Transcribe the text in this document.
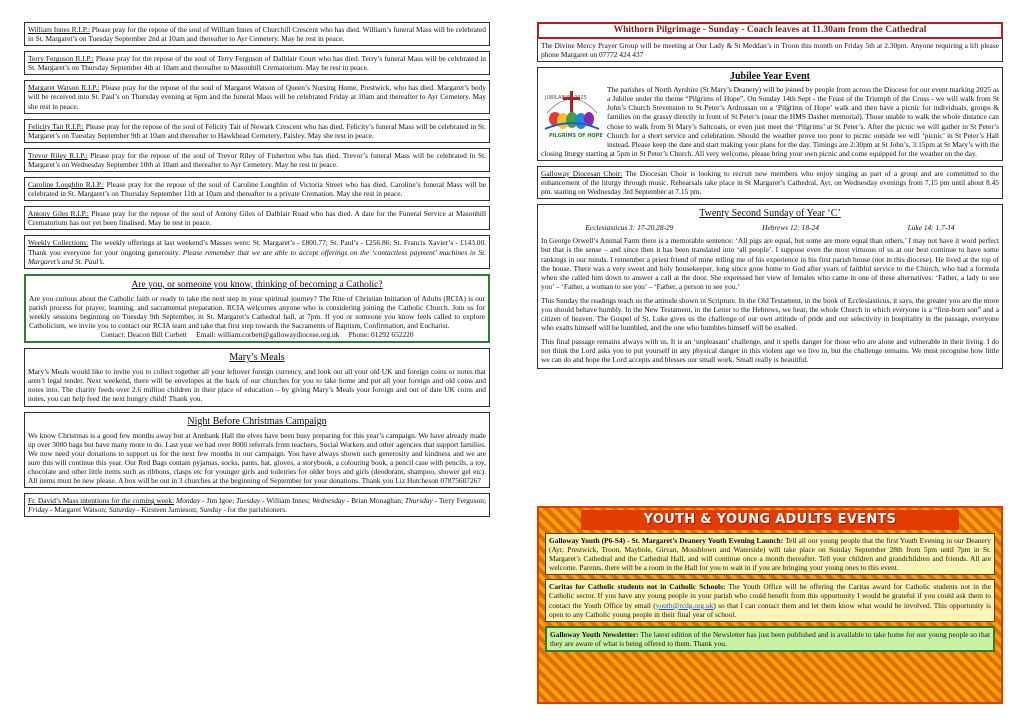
William Innes R.I.P.: Please pray for the repose of the soul of William Innes of Churchill Crescent who has died. William’s funeral Mass will be celebrated in St. Margaret’s on Tuesday September 2nd at 10am and thereafter to Ayr Cemetery. May he rest in peace.
Terry Ferguson R.I.P.: Please pray for the repose of the soul of Terry Ferguson of Dalblair Court who has died. Terry’s funeral Mass will be celebrated in St. Margaret’s on Thursday September 4th at 10am and thereafter to Masonhill Crematorium. May he rest in peace.
Margaret Watson R.I.P.: Please pray for the repose of the soul of Margaret Watson of Queen’s Nursing Home, Prestwick, who has died. Margaret’s body will be received into St. Paul’s on Thursday evening at 6pm and the funeral Mass will be celebrated Friday at 10am and thereafter to Ayr Cemetery. May she rest in peace.
Felicity Tait R.I.P.: Please pray for the repose of the soul of Felicity Tait of Newark Crescent who has died. Felicity’s funeral Mass will be celebrated in St. Margaret’s on Tuesday September 9th at 10am and thereafter to Hawkhead Cemetery, Paisley. May she rest in peace.
Trevor Riley R.I.P.: Please pray for the repose of the soul of Trevor Riley of Fisherton who has died. Trevor’s funeral Mass will be celebrated in St. Margaret’s on Wednesday September 10th at 10am and thereafter to Ayr Cemetery. May he rest in peace.
Caroline Loughlin R.I.P.: Please pray for the repose of the soul of Caroline Loughlin of Victoria Street who has died. Caroline’s funeral Mass will be celebrated in St. Margaret’s on Thursday September 11th at 10am and thereafter to a private Cremation. May she rest in peace.
Antony Giles R.I.P.: Please pray for the repose of the soul of Antony Giles of Dalblair Road who has died. A date for the Funeral Service at Masonhill Crematorium has not yet been finalised. May he rest in peace.
Weekly Collections: The weekly offerings at last weekend’s Masses were: St. Margaret’s - £800.77; St. Paul’s - £256.86; St. Francis Xavier’s - £143.00. Thank you everyone for your ongoing generosity. Please remember that we are able to accept offerings on the ‘contactless payment’ machines in St. Margaret’s and St. Paul’s.
Are you, or someone you know, thinking of becoming a Catholic?
Are you curious about the Catholic faith or ready to take the next step in your spiritual journey? The Rite of Christian Initiation of Adults (RCIA) is our parish process for prayer, learning, and sacramental preparation. RCIA welcomes anyone who is considering joining the Catholic Church. Join us for weekly sessions beginning on Tuesday 9th September, in St. Margaret’s Cathedral hall, at 7pm. If you or someone you know feels called to explore Catholicism, we invite you to contact our RCIA team and take that first step towards the Sacraments of Baptism, Confirmation, and Eucharist.
Contact: Deacon Bill Corbett     Email: william.corbett@gallowaydiocese.org.uk     Phone: 01292 652220
Mary’s Meals
Mary’s Meals would like to invite you to collect together all your leftover foreign currency, and look out all your old UK and foreign coins or notes that aren’t legal tender. Next weekend, there will be envelopes at the back of our churches for you to take home and put all your foreign and old coins and notes into. The charity feeds over 2.6 million children in their place of education – by giving Mary’s Meals your foreign and out of date UK coins and notes, you can help feed the next hungry child! Thank you.
Night Before Christmas Campaign
We know Christmas is a good few months away but at Annbank Hall the elves have been busy preparing for this year’s campaign. We have already made up over 3000 bags but have many more to do. Last year we had over 8000 referrals from teachers, Social Workers and other agencies that support families. We now need your donations to support us for the next few months in our campaign. You have always shown such generosity and kindness and we are sure this will continue this year. Our Red Bags contain pyjamas, socks, pants, hat, gloves, a storybook, a colouring book, a pencil case with pencils, a toy, chocolate and other little items such as ribbons, clasps etc for younger girls and toiletries for older boys and girls (deodorant, shampoo, shower gel etc). All items must be new please. A box will be out in 3 churches at the beginning of September for your donations. Thank you Liz Hutcheson 07875607267
Fr. David’s Mass intentions for the coming week: Monday - Jim Igoe; Tuesday - William Innes; Wednesday - Brian Monaghan; Thursday - Terry Ferguson; Friday - Margaret Watson; Saturday - Kirsteen Jamieson; Sunday - for the parishioners.
Whithorn Pilgrimage - Sunday - Coach leaves at 11.30am from the Cathedral
The Divine Mercy Prayer Group will be meeting at Our Lady & St Meddan’s in Troon this month on Friday 5th at 2.30pm. Anyone requiring a lift please phone Margaret on 07772 424 437
Jubilee Year Event
JUBILAEUM 2025
PILGRIMS OF HOPE
The parishes of North Ayrshire (St Mary’s Deanery) will be joined by people from across the Diocese for our event marking 2025 as a Jubilee under the theme “Pilgrims of Hope”. On Sunday 14th Sept - the Feast of the Triumph of the Cross - we will walk from St John’s Church Stevenston to St Peter’s Ardrossan on a ‘Pilgrims of Hope’ walk and then have a picnic for individuals, groups & families on the grassy directly in front of St Peter’s (near the HMS Dasher memorial). Those unable to walk the whole distance can chose to walk from St Mary’s Saltcoats, or even just meet the ‘Pilgrims’ at St Peter’s. After the picnic we will gather in St Peter’s Church for a short service and celebration. Should the weather prove too poor to picnic outside we will ‘picnic’ in St Peter’s Hall instead. Please keep the date and start making your plans for the day. Timings are 2:30pm at St John’s, 3:15pm at St Mary’s with the closing liturgy starting at 5pm in St Peter’s Church. All very welcome, please bring your own picnic and come equipped for the weather on the day.
Galloway Diocesan Choir: The Diocesan Choir is looking to recruit new members who enjoy singing as part of a group and are committed to the enhancement of the liturgy through music. Rehearsals take place in St Margaret’s Cathedral, Ayr, on Wednesday evenings from 7.15 pm until about 8.45 pm. starting on Wednesday 3rd September at 7.15 pm.
Twenty Second Sunday of Year ‘C’
Ecclesiasticus 3: 17-20.28-29	Hebrews 12: 18-24	Luke 14: 1.7-14

In George Orwell’s Animal Farm there is a memorable sentence: ‘All pigs are equal, but some are more equal than others.’ I may not have it word perfect but that is the sense – and since then it has been translated into ‘all people’. I suppose even the most virtuous of us at our best continue to have some rankings in our minds. I remember a priest friend of mine telling me of his experience in his first parish house (not in this diocese). He lived at the top of the house. There was a very sweet and holy housekeeper, long since gone home to God after years of faithful service to the Church, who had a formula when she called him down to answer a call at the door. She expressed her view of females who came in one of these alternatives: ‘Father, a lady to see you’ – ‘Father, a woman to see you’ – ‘Father, a person to see you.’

This Sunday the readings teach us the attitude shown in Scripture. In the Old Testament, in the book of Ecclesiasticus, it says, the greater you are the more you should behave humbly. In the New Testament, in the Letter to the Hebrews, we hear, the whole Church in which everyone is a “first-born son” and a citizen of heaven. The Gospel of St. Luke gives us the challenge of our own attitude of pride and our selectivity in hospitality in the passage, everyone who exalts himself will be humbled, and the one who humbles himself will be exalted.

This final passage remains always with us. It is an ‘unpleasant’ challenge, and it spells danger for those who are alone and vulnerable in their living. I do not think the Lord asks you to put yourself in any physical danger in this violent age we live in, but the challenge remains. We must recognise how little we can do and hope the Lord accepts and blesses our small work. Small really is beautiful.

YOUTH & YOUNG ADULTS EVENTS
Galloway Youth (P6-S4) - St. Margaret’s Deanery Youth Evening Launch: Tell all our young people that the first Youth Evening in our Deanery (Ayr, Prestwick, Troon, Maybole, Girvan, Mossblown and Waterside) will take place on Sunday September 28th from 5pm until 7pm in St. Margaret’s Cathedral and the Cathedral Hall, and will continue once a month thereafter. Tell your children and grandchildren and friends. All are welcome. Parents, there will be a room in the Hall for you to wait in if you are bringing your young ones to this event.
Caritas for Catholic students not in Catholic Schools: The Youth Office will be offering the Caritas award for Catholic students not in the Catholic sector. If you have any young people in your parish who could benefit from this opportunity I would be grateful if you could ask them to contact the Youth Office by email (youth@rcdg.org.uk) so that I can contact them and let them know what would be involved. This opportunity is open to any Catholic young people in their final year of school.
Galloway Youth Newsletter: The latest edition of the Newsletter has just been published and is available to take home for our young people so that they are aware of what is being offered to them. Thank you.
